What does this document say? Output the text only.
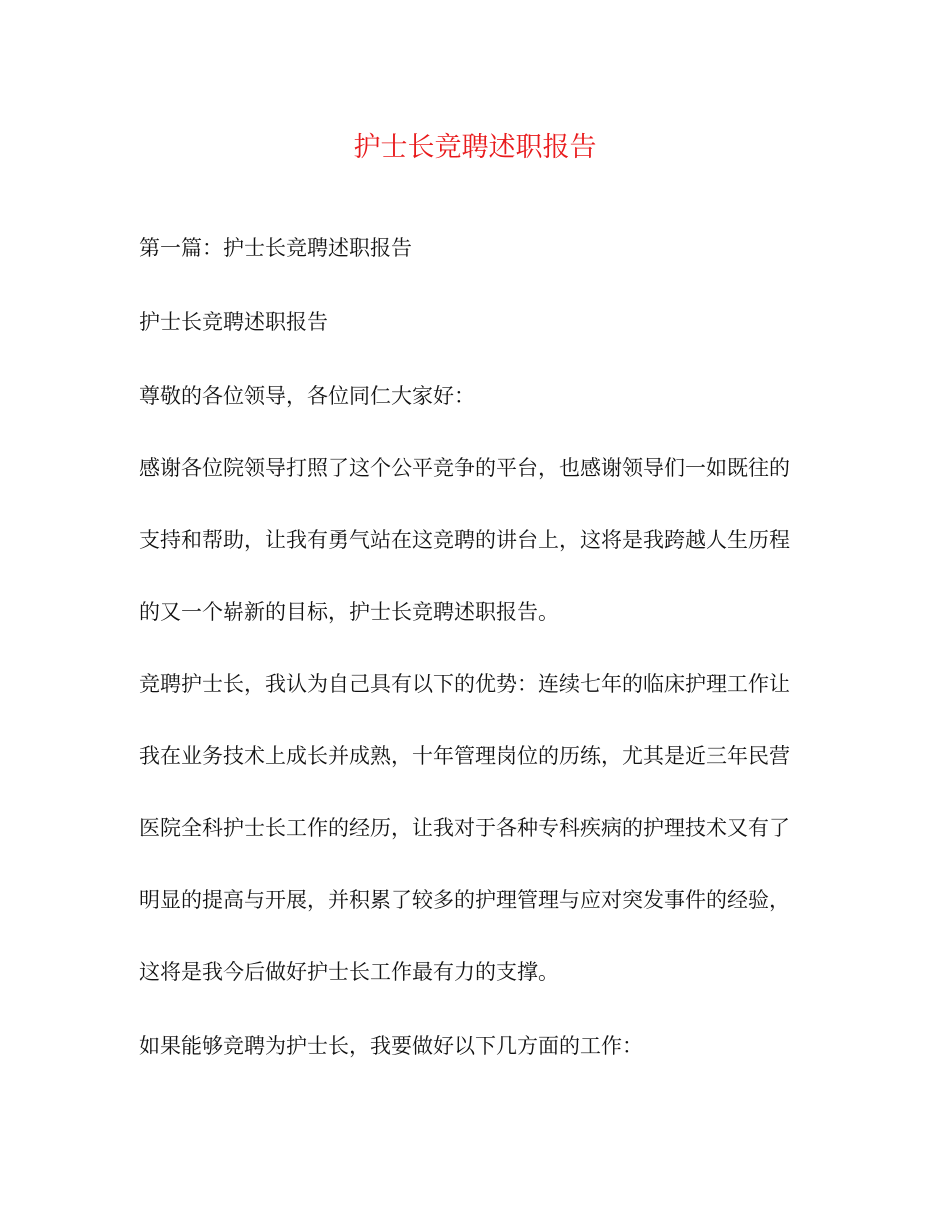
护士长竞聘述职报告
第一篇：护士长竞聘述职报告
护士长竞聘述职报告
尊敬的各位领导，各位同仁大家好：
感谢各位院领导打照了这个公平竞争的平台，也感谢领导们一如既往的
支持和帮助，让我有勇气站在这竞聘的讲台上，这将是我跨越人生历程
的又一个崭新的目标，护士长竞聘述职报告。
竞聘护士长，我认为自己具有以下的优势：连续七年的临床护理工作让
我在业务技术上成长并成熟，十年管理岗位的历练，尤其是近三年民营
医院全科护士长工作的经历，让我对于各种专科疾病的护理技术又有了
明显的提高与开展，并积累了较多的护理管理与应对突发事件的经验，
这将是我今后做好护士长工作最有力的支撑。
如果能够竞聘为护士长，我要做好以下几方面的工作：
